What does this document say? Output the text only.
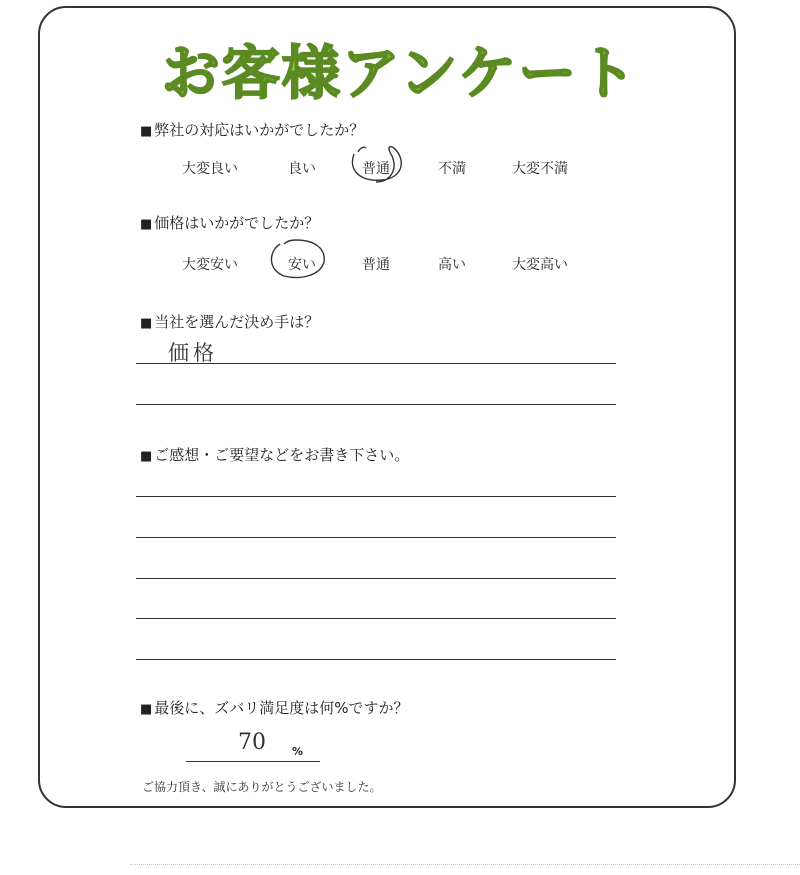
お客様アンケート
■ 弊社の対応はいかがでしたか？
大変良い	良い	普通	不満	大変不満
■ 価格はいかがでしたか？
大変安い	安い	普通	高い	大変高い
■ 当社を選んだ決め手は？
価格
■ ご感想・ご要望などをお書き下さい。
■ 最後に、ズバリ満足度は何%ですか？
70 %
ご協力頂き、誠にありがとうございました。
